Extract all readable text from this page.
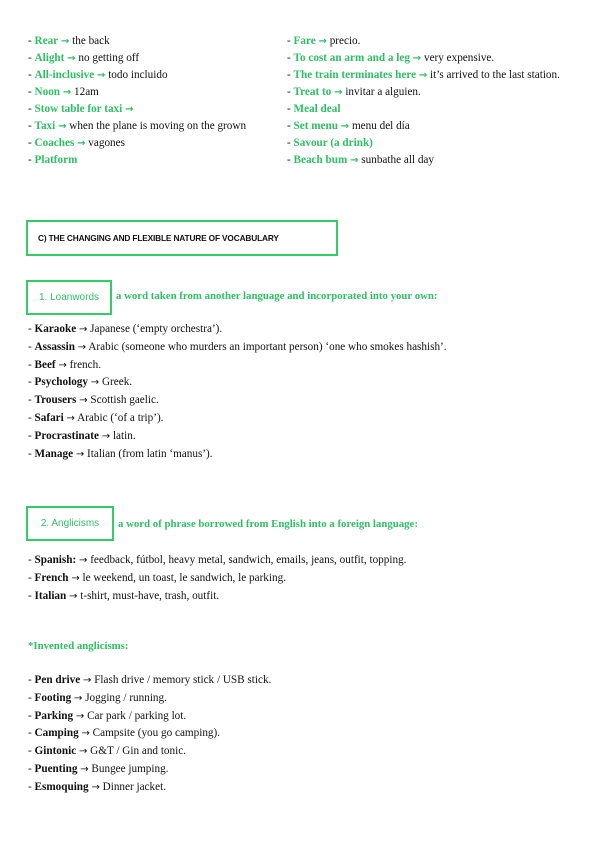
- Rear → the back
- Alight → no getting off
- All-inclusive → todo incluido
- Noon → 12am
- Stow table for taxi →
- Taxi → when the plane is moving on the grown
- Coaches → vagones
- Platform
- Fare → precio.
- To cost an arm and a leg → very expensive.
- The train terminates here → it’s arrived to the last station.
- Treat to → invitar a alguien.
- Meal deal
- Set menu → menu del día
- Savour (a drink)
- Beach bum → sunbathe all day
C) THE CHANGING AND FLEXIBLE NATURE OF VOCABULARY
1. Loanwords a word taken from another language and incorporated into your own:
- Karaoke → Japanese (‘empty orchestra’).
- Assassin → Arabic (someone who murders an important person) ‘one who smokes hashish’.
- Beef → french.
- Psychology → Greek.
- Trousers → Scottish gaelic.
- Safari → Arabic (‘of a trip’).
- Procrastinate → latin.
- Manage → Italian (from latin ‘manus’).
2. Anglicisms a word of phrase borrowed from English into a foreign language:
- Spanish: → feedback, fútbol, heavy metal, sandwich, emails, jeans, outfit, topping.
- French → le weekend, un toast, le sandwich, le parking.
- Italian → t-shirt, must-have, trash, outfit.
*Invented anglicisms:
- Pen drive → Flash drive / memory stick / USB stick.
- Footing → Jogging / running.
- Parking → Car park / parking lot.
- Camping → Campsite (you go camping).
- Gintonic → G&T / Gin and tonic.
- Puenting → Bungee jumping.
- Esmoquing → Dinner jacket.
